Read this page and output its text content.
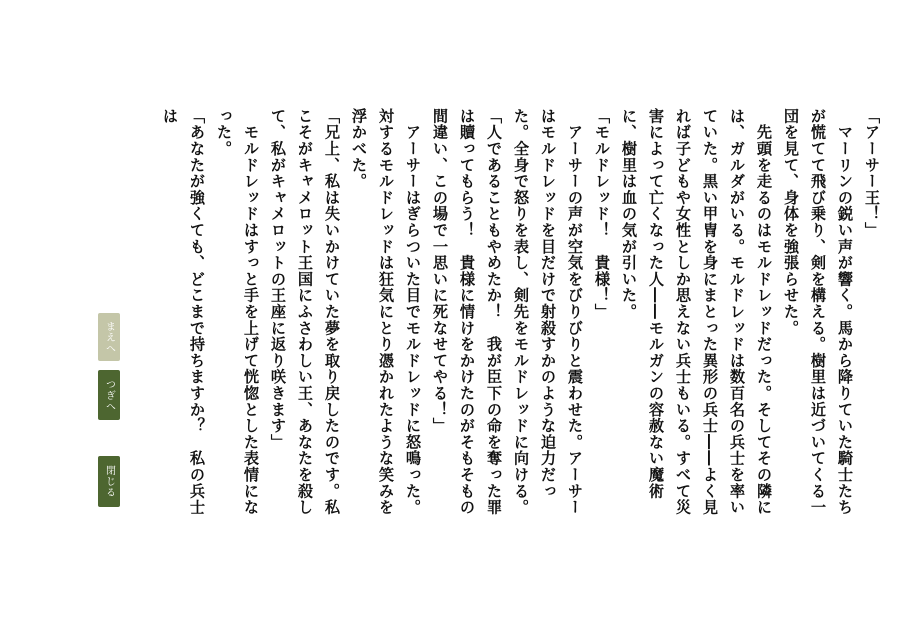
「アーサー王！」

　マーリンの鋭い声が響く。馬から降りていた騎士たちが慌てて飛び乗り、剣を構える。樹里は近づいてくる一団を見て、身体を強張らせた。

　先頭を走るのはモルドレッドだった。そしてその隣には、ガルダがいる。モルドレッドは数百名の兵士を率いていた。黒い甲冑を身にまとった異形の兵士――よく見れば子どもや女性としか思えない兵士もいる。すべて災害によって亡くなった人――モルガンの容赦ない魔術に、樹里は血の気が引いた。

「モルドレッド！　貴様！」

　アーサーの声が空気をびりびりと震わせた。アーサーはモルドレッドを目だけで射殺すかのような迫力だった。全身で怒りを表し、剣先をモルドレッドに向ける。

「人であることもやめたか！　我が臣下の命を奪った罪は贖ってもらう！　貴様に情けをかけたのがそもそもの間違い、この場で一思いに死なせてやる！」

　アーサーはぎらついた目でモルドレッドに怒鳴った。対するモルドレッドは狂気にとり憑かれたような笑みを浮かべた。

「兄上、私は失いかけていた夢を取り戻したのです。私こそがキャメロット王国にふさわしい王、あなたを殺して、私がキャメロットの王座に返り咲きます」

　モルドレッドはすっと手を上げて恍惚とした表情になった。

「あなたが強くても、どこまで持ちますか？　私の兵士は

まえへ
つぎへ
閉じる
